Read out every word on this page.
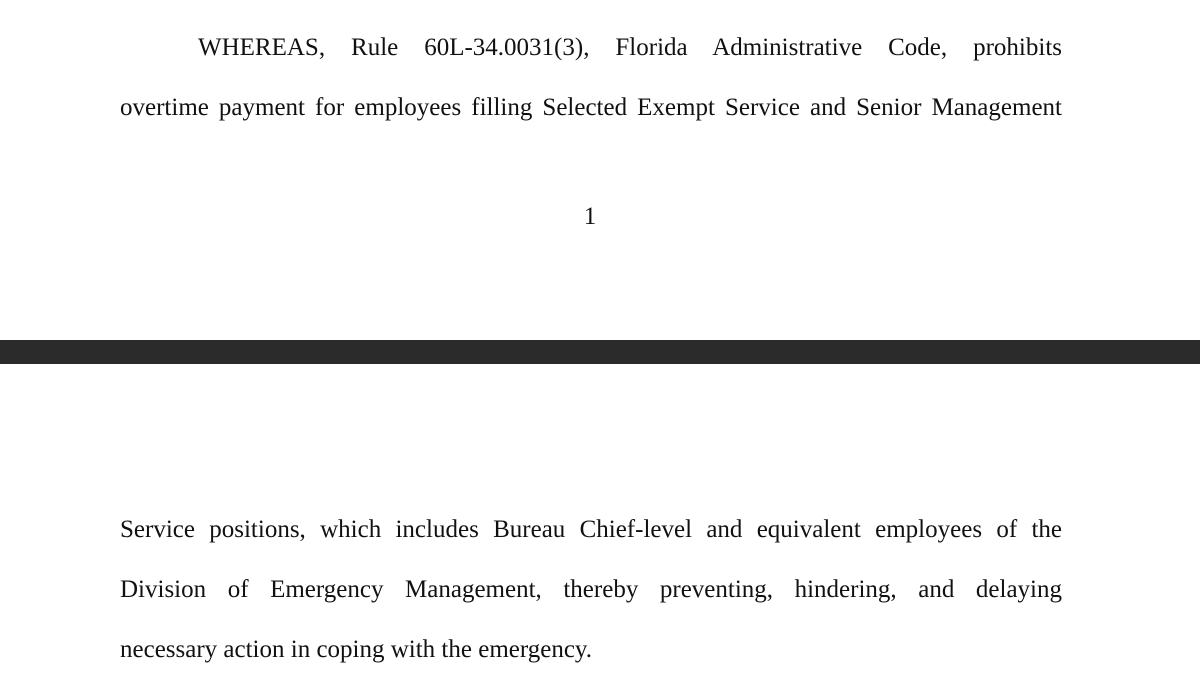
WHEREAS, Rule 60L-34.0031(3), Florida Administrative Code, prohibits
overtime payment for employees filling Selected Exempt Service and Senior Management
1
Service positions, which includes Bureau Chief-level and equivalent employees of the
Division of Emergency Management, thereby preventing, hindering, and delaying
necessary action in coping with the emergency.
